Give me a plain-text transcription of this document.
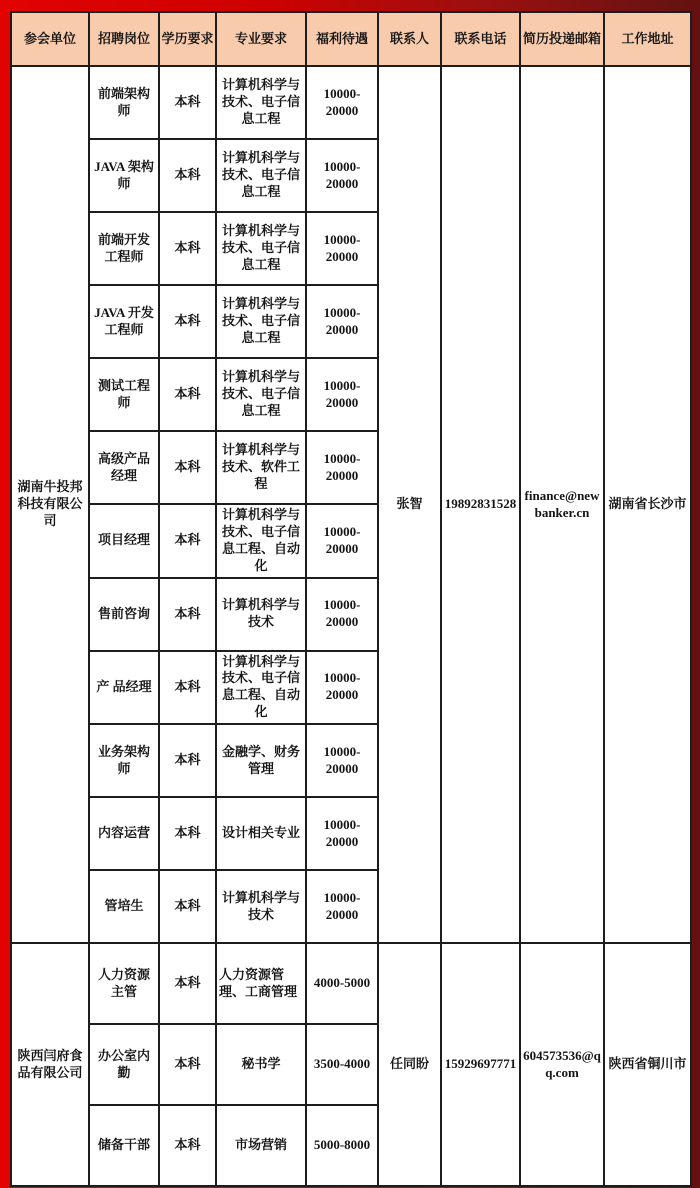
参会单位	招聘岗位	学历要求	专业要求	福利待遇	联系人	联系电话	简历投递邮箱	工作地址
湖南牛投邦科技有限公司	前端架构师	本科	计算机科学与技术、电子信息工程	10000-20000	张智	19892831528	finance@newbanker.cn	湖南省长沙市
	JAVA 架构师	本科	计算机科学与技术、电子信息工程	10000-20000				
	前端开发工程师	本科	计算机科学与技术、电子信息工程	10000-20000				
	JAVA 开发工程师	本科	计算机科学与技术、电子信息工程	10000-20000				
	测试工程师	本科	计算机科学与技术、电子信息工程	10000-20000				
	高级产品经理	本科	计算机科学与技术、软件工程	10000-20000				
	项目经理	本科	计算机科学与技术、电子信息工程、自动化	10000-20000				
	售前咨询	本科	计算机科学与技术	10000-20000				
	产 品经理	本科	计算机科学与技术、电子信息工程、自动化	10000-20000				
	业务架构师	本科	金融学、财务管理	10000-20000				
	内容运营	本科	设计相关专业	10000-20000				
	管培生	本科	计算机科学与技术	10000-20000				
陕西闫府食品有限公司	人力资源主管	本科	人力资源管理、工商管理	4000-5000	任同盼	15929697771	604573536@qq.com	陕西省铜川市
	办公室内勤	本科	秘书学	3500-4000				
	储备干部	本科	市场营销	5000-8000				
